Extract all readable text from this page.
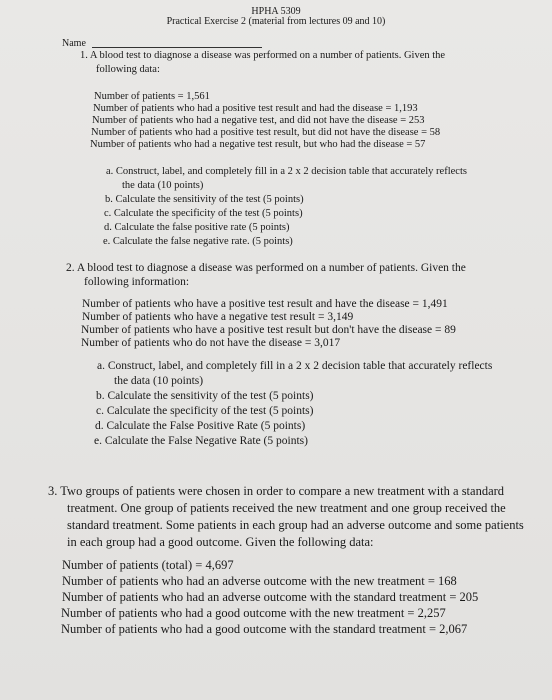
HPHA 5309
Practical Exercise 2 (material from lectures 09 and 10)
Name
1. A blood test to diagnose a disease was performed on a number of patients. Given the
following data:
Number of patients = 1,561
Number of patients who had a positive test result and had the disease = 1,193
Number of patients who had a negative test, and did not have the disease = 253
Number of patients who had a positive test result, but did not have the disease = 58
Number of patients who had a negative test result, but who had the disease = 57
a. Construct, label, and completely fill in a 2 x 2 decision table that accurately reflects
the data (10 points)
b. Calculate the sensitivity of the test (5 points)
c. Calculate the specificity of the test (5 points)
d. Calculate the false positive rate (5 points)
e. Calculate the false negative rate. (5 points)
2. A blood test to diagnose a disease was performed on a number of patients. Given the
following information:
Number of patients who have a positive test result and have the disease = 1,491
Number of patients who have a negative test result = 3,149
Number of patients who have a positive test result but don't have the disease = 89
Number of patients who do not have the disease = 3,017
a. Construct, label, and completely fill in a 2 x 2 decision table that accurately reflects
the data (10 points)
b. Calculate the sensitivity of the test (5 points)
c. Calculate the specificity of the test (5 points)
d. Calculate the False Positive Rate (5 points)
e. Calculate the False Negative Rate (5 points)
3. Two groups of patients were chosen in order to compare a new treatment with a standard
treatment. One group of patients received the new treatment and one group received the
standard treatment. Some patients in each group had an adverse outcome and some patients
in each group had a good outcome. Given the following data:
Number of patients (total) = 4,697
Number of patients who had an adverse outcome with the new treatment = 168
Number of patients who had an adverse outcome with the standard treatment = 205
Number of patients who had a good outcome with the new treatment = 2,257
Number of patients who had a good outcome with the standard treatment = 2,067
